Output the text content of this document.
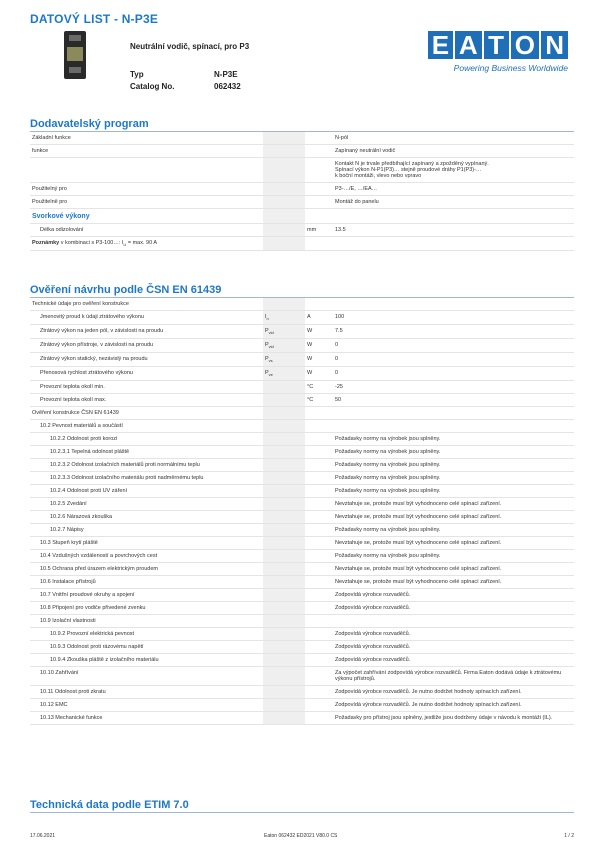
DATOVÝ LIST - N-P3E
Neutrální vodič, spínací, pro P3
Typ	N-P3E
Catalog No.	062432
E A T O N
Powering Business Worldwide
Dodavatelský program
Základní funkce			N-pól
funkce			Zapínaný neutrální vodič
			Kontakt N je trvale předbíhající zapínaný a zpožděný vypínaný.
Spínací výkon N-P1(P3)… stejně proudové dráhy P1(P3)-…
k boční montáži, vlevo nebo vpravo
Použitelný pro			P3-…/E, …/EA…
Použitelně pro			Montáž do panelu
Svorkové výkony			
Délka odizolování		mm	13.5
Poznámky v kombinaci s P3-100…: $I_U = \max$. 90 A			
Ověření návrhu podle ČSN EN 61439
Technické údaje pro ověření konstrukce			
Jmenovitý proud k údaji ztrátového výkonu	$I_n$	A	100
Ztrátový výkon na jeden pól, v závislosti na proudu	$P_{vid}$	W	7.5
Ztrátový výkon přístroje, v závislosti na proudu	$P_{vid}$	W	0
Ztrátový výkon statický, nezávislý na proudu	$P_{vs}$	W	0
Přenosová rychlost ztrátového výkonu	$P_{ve}$	W	0
Provozní teplota okolí min.		°C	-25
Provozní teplota okolí max.		°C	50
Ověření konstrukce ČSN EN 61439			
10.2 Pevnost materiálů a součástí			
10.2.2 Odolnost proti korozi			Požadavky normy na výrobek jsou splněny.
10.2.3.1 Tepelná odolnost pláště			Požadavky normy na výrobek jsou splněny.
10.2.3.2 Odolnost izolačních materiálů proti normálnímu teplu			Požadavky normy na výrobek jsou splněny.
10.2.3.3 Odolnost izolačního materiálu proti nadměrnému teplu			Požadavky normy na výrobek jsou splněny.
10.2.4 Odolnost proti UV záření			Požadavky normy na výrobek jsou splněny.
10.2.5 Zvedání			Nevztahuje se, protože musí být vyhodnoceno celé spínací zařízení.
10.2.6 Nárazová zkouška			Nevztahuje se, protože musí být vyhodnoceno celé spínací zařízení.
10.2.7 Nápisy			Požadavky normy na výrobek jsou splněny.
10.3 Stupeň krytí pláště			Nevztahuje se, protože musí být vyhodnoceno celé spínací zařízení.
10.4 Vzdušných vzdáleností a povrchových cest			Požadavky normy na výrobek jsou splněny.
10.5 Ochrana před úrazem elektrickým proudem			Nevztahuje se, protože musí být vyhodnoceno celé spínací zařízení.
10.6 Instalace přístrojů			Nevztahuje se, protože musí být vyhodnoceno celé spínací zařízení.
10.7 Vnitřní proudové okruhy a spojení			Zodpovídá výrobce rozvaděčů.
10.8 Připojení pro vodiče přivedené zvenku			Zodpovídá výrobce rozvaděčů.
10.9 Izolační vlastnosti			
10.9.2 Provozní elektrická pevnost			Zodpovídá výrobce rozvaděčů.
10.9.3 Odolnost proti rázovému napětí			Zodpovídá výrobce rozvaděčů.
10.9.4 Zkouška pláště z izolačního materiálu			Zodpovídá výrobce rozvaděčů.
10.10 Zahřívání			Za výpočet zahřívání zodpovídá výrobce rozvaděčů. Firma Eaton dodává údaje k ztrátovému výkonu přístrojů.
10.11 Odolnost proti zkratu			Zodpovídá výrobce rozvaděčů. Je nutno dodržet hodnoty spínacích zařízení.
10.12 EMC			Zodpovídá výrobce rozvaděčů. Je nutno dodržet hodnoty spínacích zařízení.
10.13 Mechanické funkce			Požadavky pro přístroj jsou splněny, jestliže jsou dodrženy údaje v návodu k montáži (IL).
Technická data podle ETIM 7.0
17.06.2021	Eaton 062432 ED2021 V80.0 CS	1 / 2
